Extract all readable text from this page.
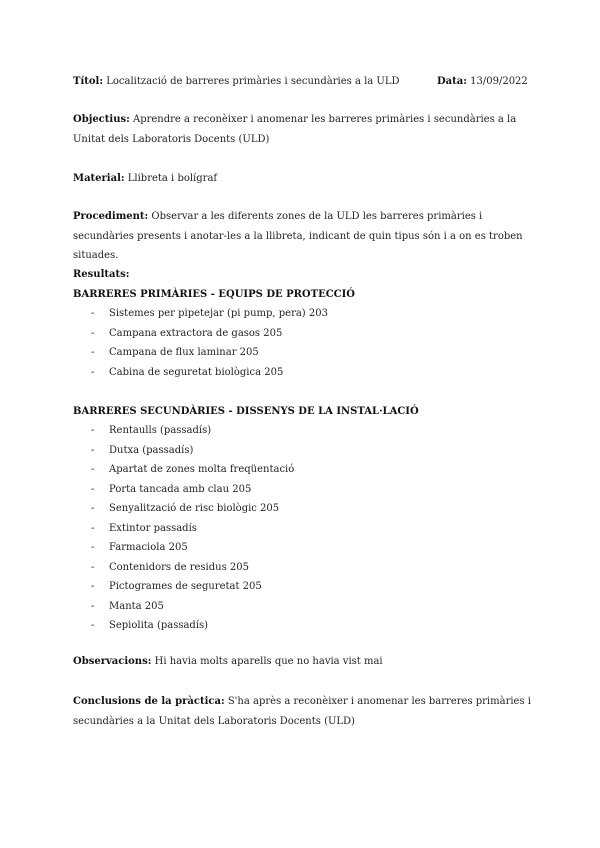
Títol: Localització de barreres primàries i secundàries a la ULD	Data: 13/09/2022
Objectius: Aprendre a reconèixer i anomenar les barreres primàries i secundàries a la Unitat dels Laboratoris Docents (ULD)
Material: Llibreta i bolígraf
Procediment: Observar a les diferents zones de la ULD les barreres primàries i secundàries presents i anotar-les a la llibreta, indicant de quin tipus són i a on es troben situades.
Resultats:
BARRERES PRIMÀRIES - EQUIPS DE PROTECCIÓ
- Sistemes per pipetejar (pi pump, pera) 203
- Campana extractora de gasos 205
- Campana de flux laminar 205
- Cabina de seguretat biològica 205
BARRERES SECUNDÀRIES - DISSENYS DE LA INSTAL·LACIÓ
- Rentaulls (passadís)
- Dutxa (passadís)
- Apartat de zones molta freqüentació
- Porta tancada amb clau 205
- Senyalització de risc biològic 205
- Extintor passadís
- Farmaciola 205
- Contenidors de residus 205
- Pictogrames de seguretat 205
- Manta 205
- Sepiolita (passadís)
Observacions: Hi havia molts aparells que no havia vist mai
Conclusions de la pràctica: S'ha après a reconèixer i anomenar les barreres primàries i secundàries a la Unitat dels Laboratoris Docents (ULD)
